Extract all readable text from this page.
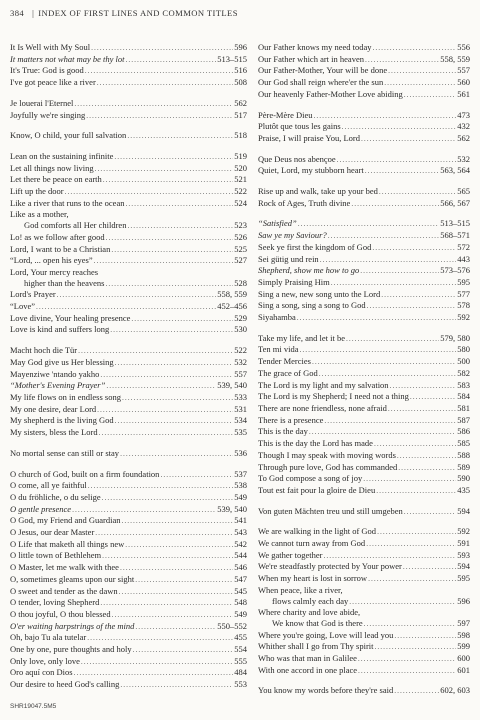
384 | INDEX OF FIRST LINES AND COMMON TITLES
It Is Well with My Soul .....	596
It matters not what may be thy lot .....	513–515
It's True: God is good .....	516
I've got peace like a river .....	508
Je louerai l'Eternel .....	562
Joyfully we're singing .....	517
Know, O child, your full salvation .....	518
Lean on the sustaining infinite .....	519
Let all things now living .....	520
Let there be peace on earth .....	521
Lift up the door .....	522
Like a river that runs to the ocean .....	524
Like as a mother,
God comforts all Her children .....	523
Lo! as we follow after good .....	526
Lord, I want to be a Christian .....	525
“Lord, ... open his eyes” .....	527
Lord, Your mercy reaches
higher than the heavens .....	528
Lord's Prayer .....	558, 559
“Love” .....	452–456
Love divine, Your healing presence .....	529
Love is kind and suffers long .....	530
Macht hoch die Tür .....	522
May God give us Her blessing .....	532
Mayenziwe 'ntando yakho .....	557
“Mother's Evening Prayer” .....	539, 540
My life flows on in endless song .....	533
My one desire, dear Lord .....	531
My shepherd is the living God .....	534
My sisters, bless the Lord .....	535
No mortal sense can still or stay .....	536
O church of God, built on a firm foundation .....	537
O come, all ye faithful .....	538
O du fröhliche, o du selige .....	549
O gentle presence .....	539, 540
O God, my Friend and Guardian .....	541
O Jesus, our dear Master .....	543
O Life that maketh all things new .....	542
O little town of Bethlehem .....	544
O Master, let me walk with thee .....	546
O, sometimes gleams upon our sight .....	547
O sweet and tender as the dawn .....	545
O tender, loving Shepherd .....	548
O thou joyful, O thou blessed .....	549
O'er waiting harpstrings of the mind .....	550–552
Oh, bajo Tu ala tutelar .....	455
One by one, pure thoughts and holy .....	554
Only love, only love .....	555
Oro aquí con Dios .....	484
Our desire to heed God's calling .....	553
Our Father knows my need today .....	556
Our Father which art in heaven .....	558, 559
Our Father-Mother, Your will be done .....	557
Our God shall reign where'er the sun .....	560
Our heavenly Father-Mother Love abiding .....	561
Père-Mère Dieu .....	473
Plutôt que tous les gains .....	432
Praise, I will praise You, Lord .....	562
Que Deus nos abençoe .....	532
Quiet, Lord, my stubborn heart .....	563, 564
Rise up and walk, take up your bed .....	565
Rock of Ages, Truth divine .....	566, 567
“Satisfied” .....	513–515
Saw ye my Saviour? .....	568–571
Seek ye first the kingdom of God .....	572
Sei gütig und rein .....	443
Shepherd, show me how to go .....	573–576
Simply Praising Him .....	595
Sing a new, new song unto the Lord .....	577
Sing a song, sing a song to God .....	578
Siyahamba .....	592
Take my life, and let it be .....	579, 580
Ten mi vida .....	580
Tender Mercies .....	500
The grace of God .....	582
The Lord is my light and my salvation .....	583
The Lord is my Shepherd; I need not a thing .....	584
There are none friendless, none afraid .....	581
There is a presence .....	587
This is the day .....	586
This is the day the Lord has made .....	585
Though I may speak with moving words .....	588
Through pure love, God has commanded .....	589
To God compose a song of joy .....	590
Tout est fait pour la gloire de Dieu .....	435
Von guten Mächten treu und still umgeben .....	594
We are walking in the light of God .....	592
We cannot turn away from God .....	591
We gather together .....	593
We're steadfastly protected by Your power .....	594
When my heart is lost in sorrow .....	595
When peace, like a river,
flows calmly each day .....	596
Where charity and love abide,
We know that God is there .....	597
Where you're going, Love will lead you .....	598
Whither shall I go from Thy spirit .....	599
Who was that man in Galilee .....	600
With one accord in one place .....	601
You know my words before they're said .....	602, 603
SHR19047.5M5
